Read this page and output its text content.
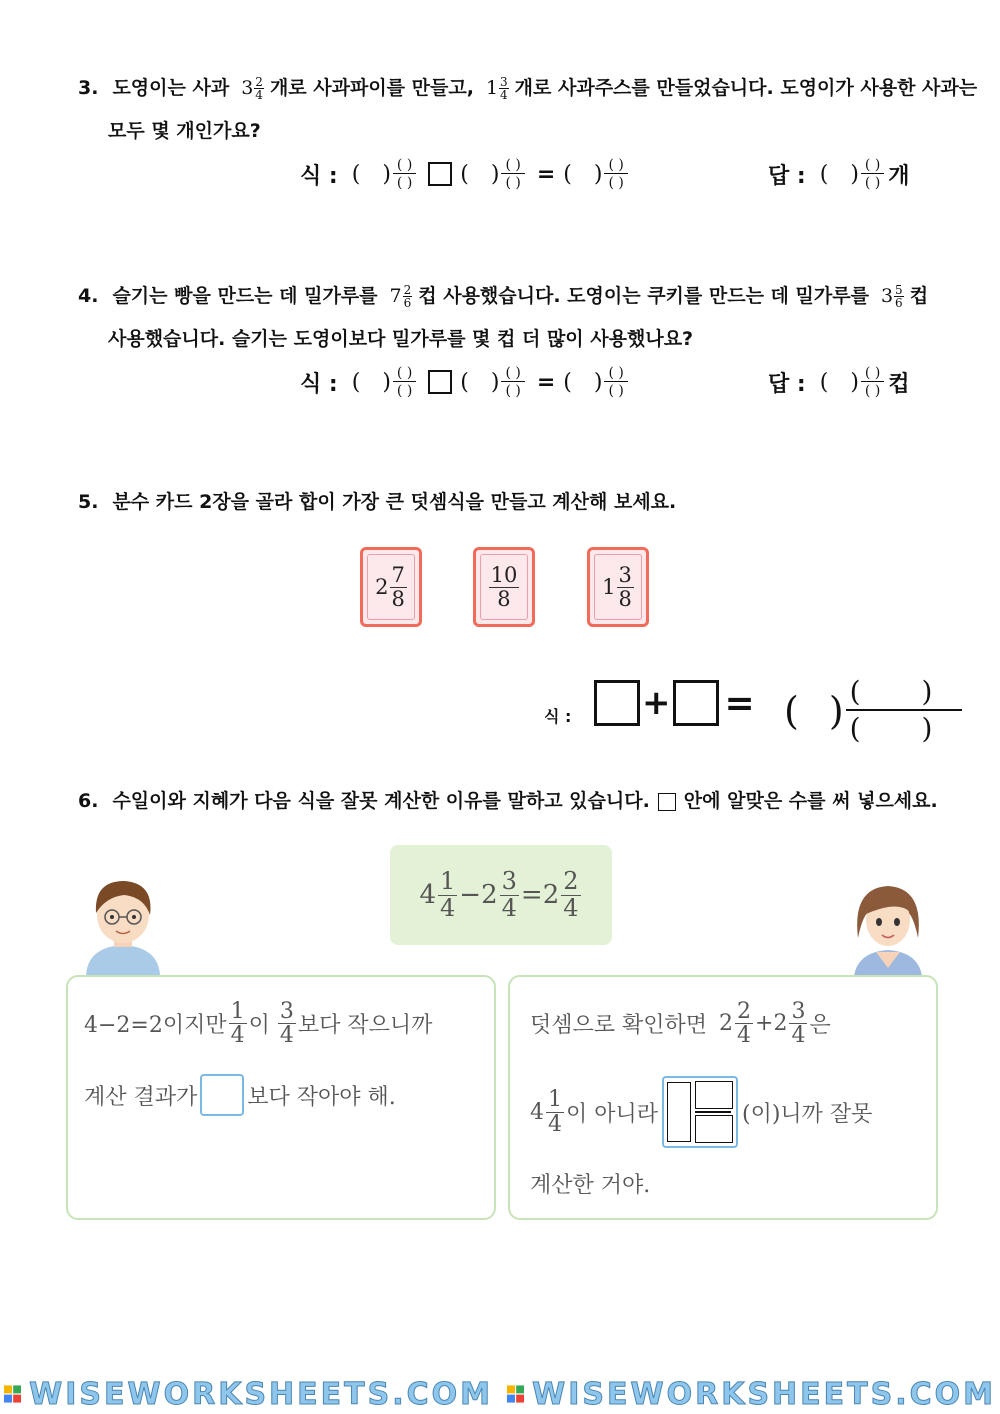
3. 도영이는 사과 $3 \frac{2}{4}$ 개로 사과파이를 만들고, $1 \frac{3}{4}$ 개로 사과주스를 만들었습니다. 도영이가 사용한 사과는
모두 몇 개인가요?
식 : ( ) ( )
( ) ( ) ( )
( ) = ( ) ( )
( )	답 : ( ) ( )
( ) 개
4. 슬기는 빵을 만드는 데 밀가루를 $7 \frac{2}{6}$ 컵 사용했습니다. 도영이는 쿠키를 만드는 데 밀가루를 $3 \frac{5}{6}$ 컵
사용했습니다. 슬기는 도영이보다 밀가루를 몇 컵 더 많이 사용했나요?
식 : ( ) ( )
( ) ( ) ( )
( ) = ( ) ( )
( )	답 : ( ) ( )
( ) 컵
5. 분수 카드 2장을 골라 합이 가장 큰 덧셈식을 만들고 계산해 보세요.
$2 \frac{7}{8}$	$\frac{10}{8}$	$1 \frac{3}{8}$
식 : + = ( ) ( )
( )
6. 수일이와 지혜가 다음 식을 잘못 계산한 이유를 말하고 있습니다. 안에 알맞은 수를 써 넣으세요.
$4 \frac{1}{4} - 2 \frac{3}{4} = 2 \frac{2}{4}$
4−2=2이지만 $\frac{1}{4}$ 이 $\frac{3}{4}$ 보다 작으니까
계산 결과가 보다 작아야 해.
덧셈으로 확인하면 $2 \frac{2}{4} + 2 \frac{3}{4}$ 은
$4 \frac{1}{4}$ 이 아니라	(이)니까 잘못
계산한 거야.
WISEWORKSHEETS.COM WISEWORKSHEETS.COM
